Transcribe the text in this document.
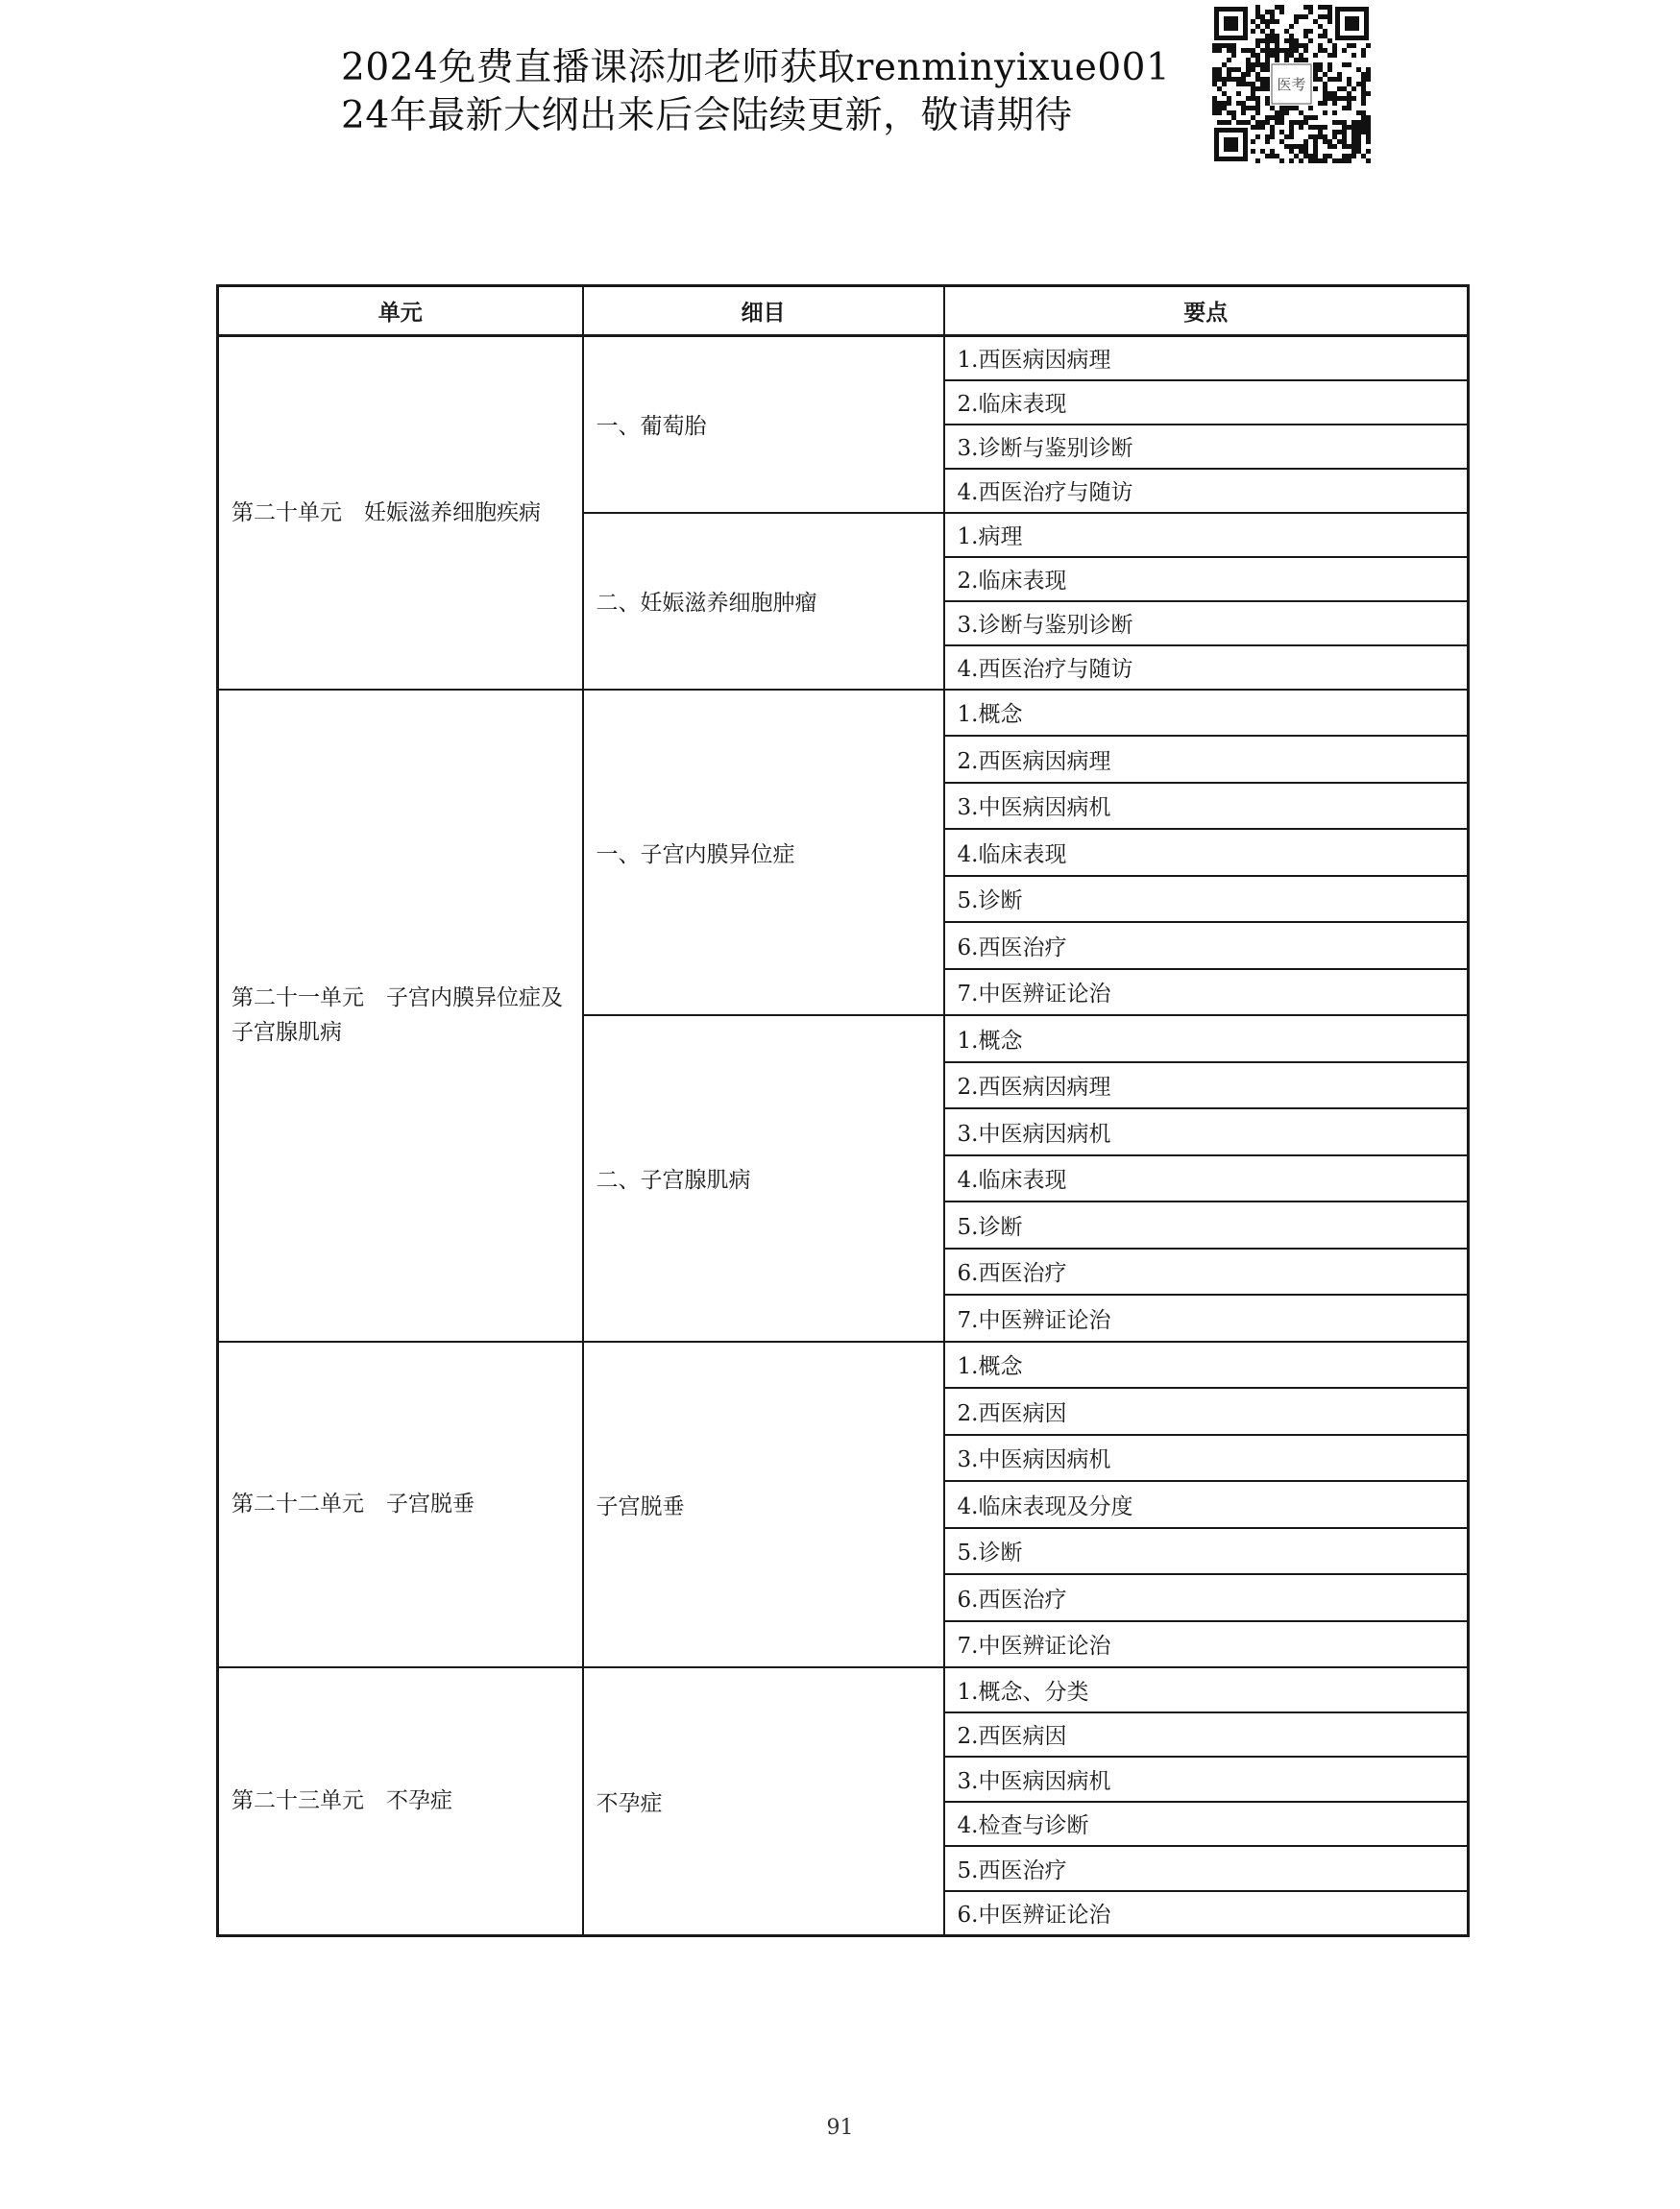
2024免费直播课添加老师获取renminyixue001
24年最新大纲出来后会陆续更新，敬请期待
医考
单元	细目	要点
第二十单元　妊娠滋养细胞疾病	一、葡萄胎	1.西医病因病理
		2.临床表现
		3.诊断与鉴别诊断
		4.西医治疗与随访
	二、妊娠滋养细胞肿瘤	1.病理
		2.临床表现
		3.诊断与鉴别诊断
		4.西医治疗与随访
第二十一单元　子宫内膜异位症及子宫腺肌病	一、子宫内膜异位症	1.概念
		2.西医病因病理
		3.中医病因病机
		4.临床表现
		5.诊断
		6.西医治疗
		7.中医辨证论治
	二、子宫腺肌病	1.概念
		2.西医病因病理
		3.中医病因病机
		4.临床表现
		5.诊断
		6.西医治疗
		7.中医辨证论治
第二十二单元　子宫脱垂	子宫脱垂	1.概念
		2.西医病因
		3.中医病因病机
		4.临床表现及分度
		5.诊断
		6.西医治疗
		7.中医辨证论治
第二十三单元　不孕症	不孕症	1.概念、分类
		2.西医病因
		3.中医病因病机
		4.检查与诊断
		5.西医治疗
		6.中医辨证论治
91
